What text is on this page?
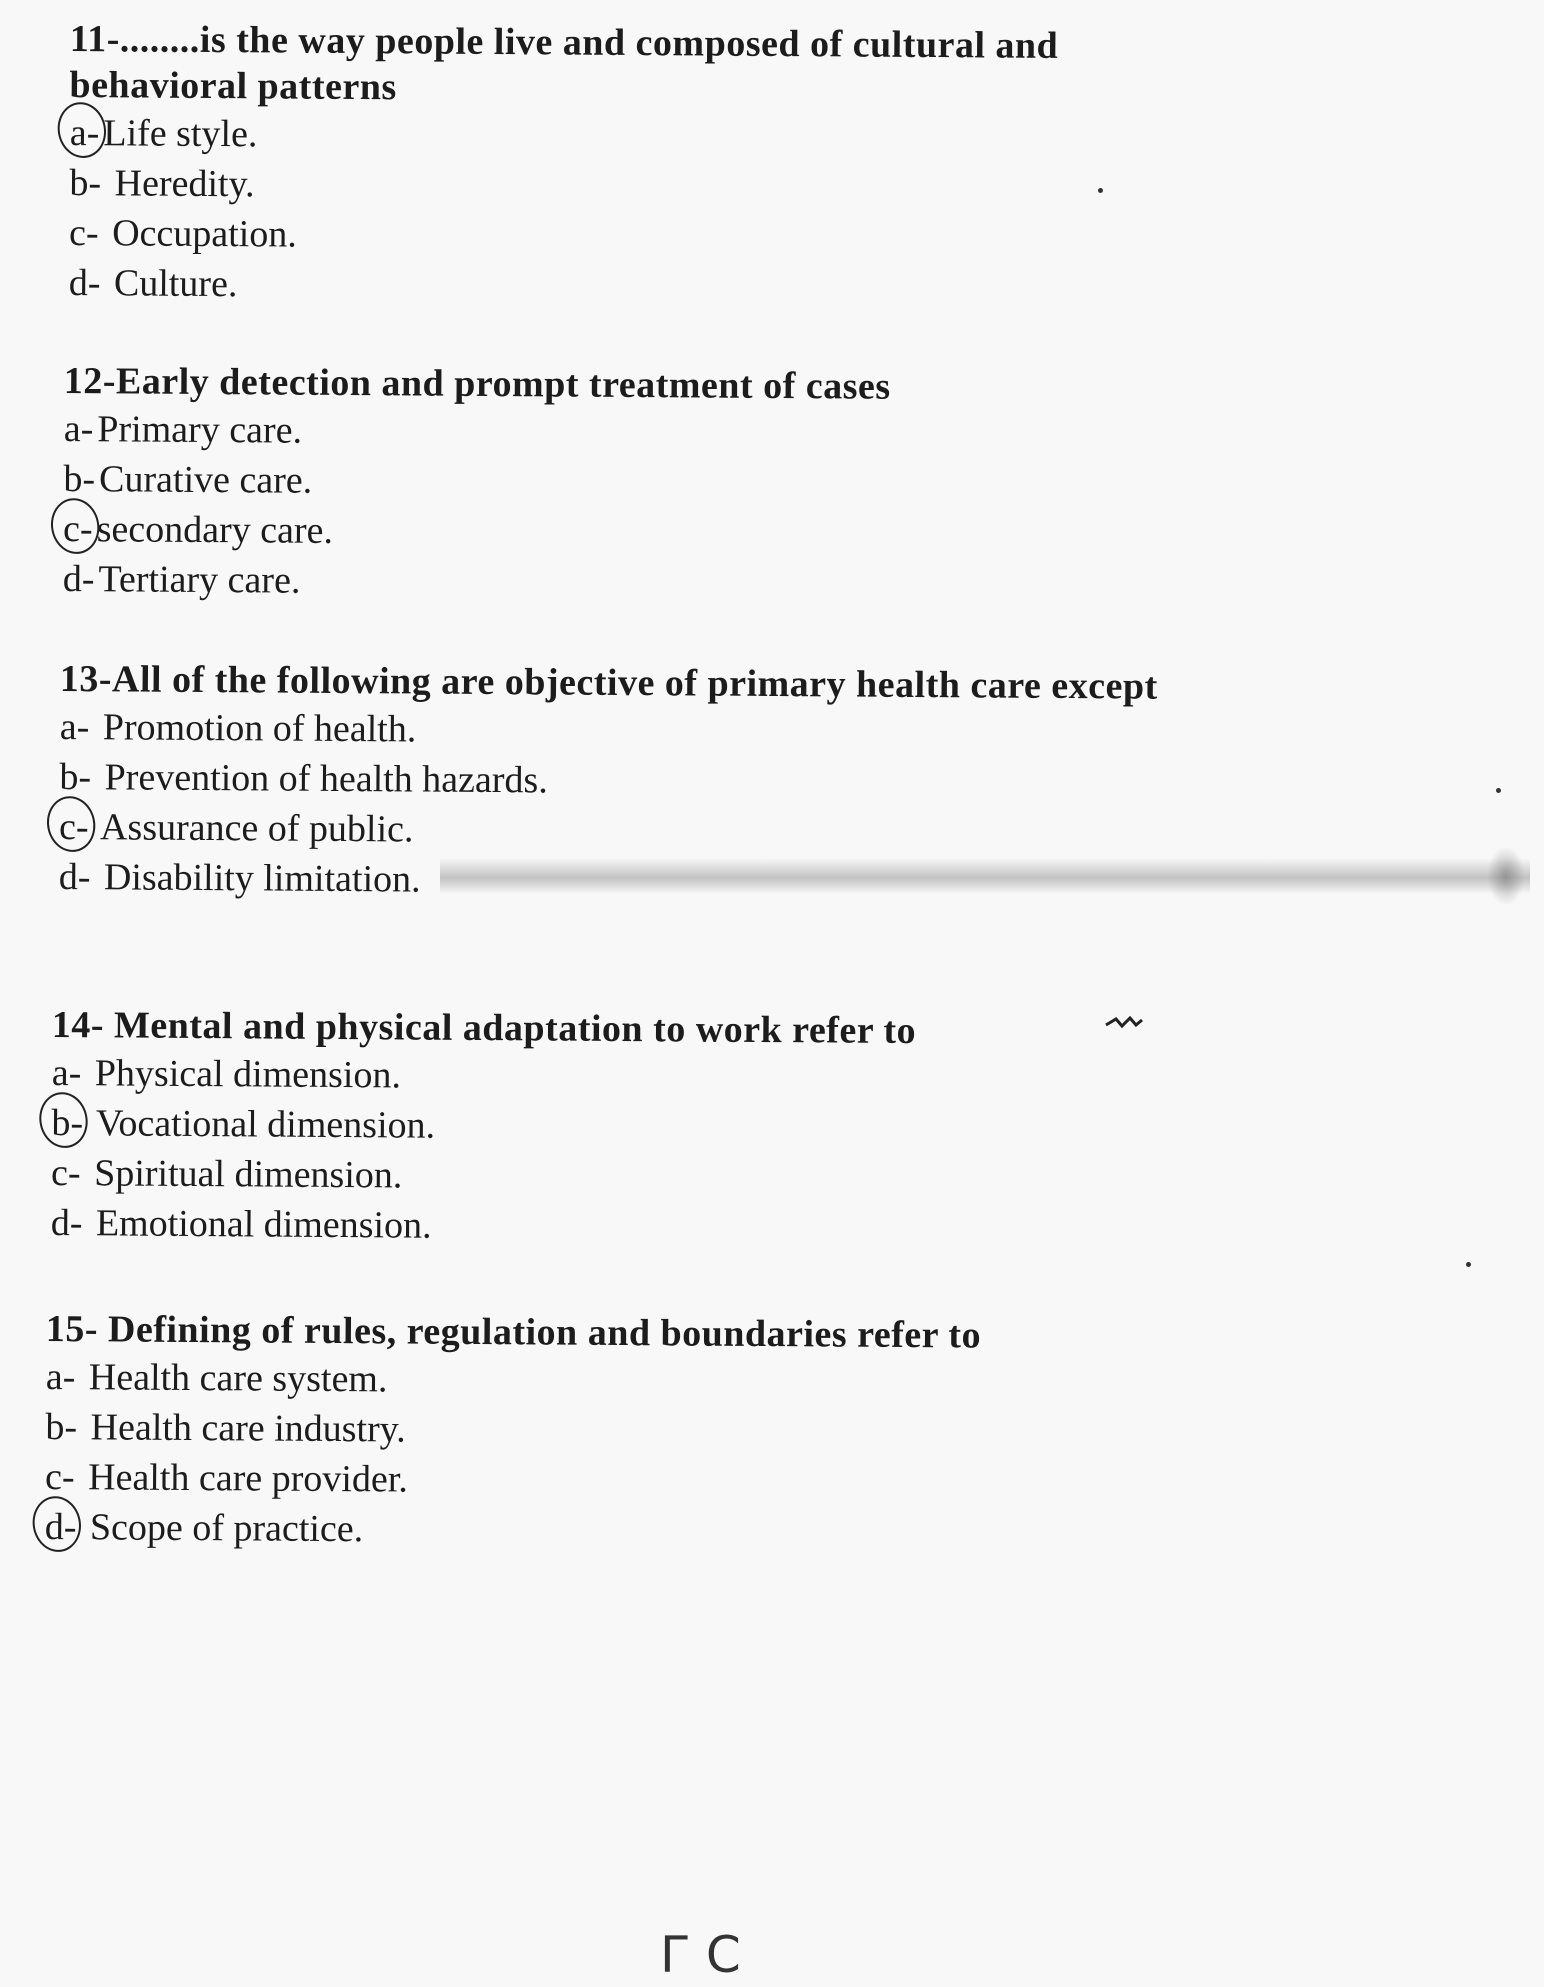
11-........is the way people live and composed of cultural and behavioral patterns

a-Life style.
b- Heredity.
c- Occupation.
d- Culture.

12-Early detection and prompt treatment of cases

a-Primary care.
b-Curative care.
c-secondary care.
d-Tertiary care.

13-All of the following are objective of primary health care except

a- Promotion of health.
b- Prevention of health hazards.
c- Assurance of public.
d- Disability limitation.

14- Mental and physical adaptation to work refer to

a- Physical dimension.
b- Vocational dimension.
c- Spiritual dimension.
d- Emotional dimension.

15- Defining of rules, regulation and boundaries refer to

a- Health care system.
b- Health care industry.
c- Health care provider.
d- Scope of practice.
ΓС
